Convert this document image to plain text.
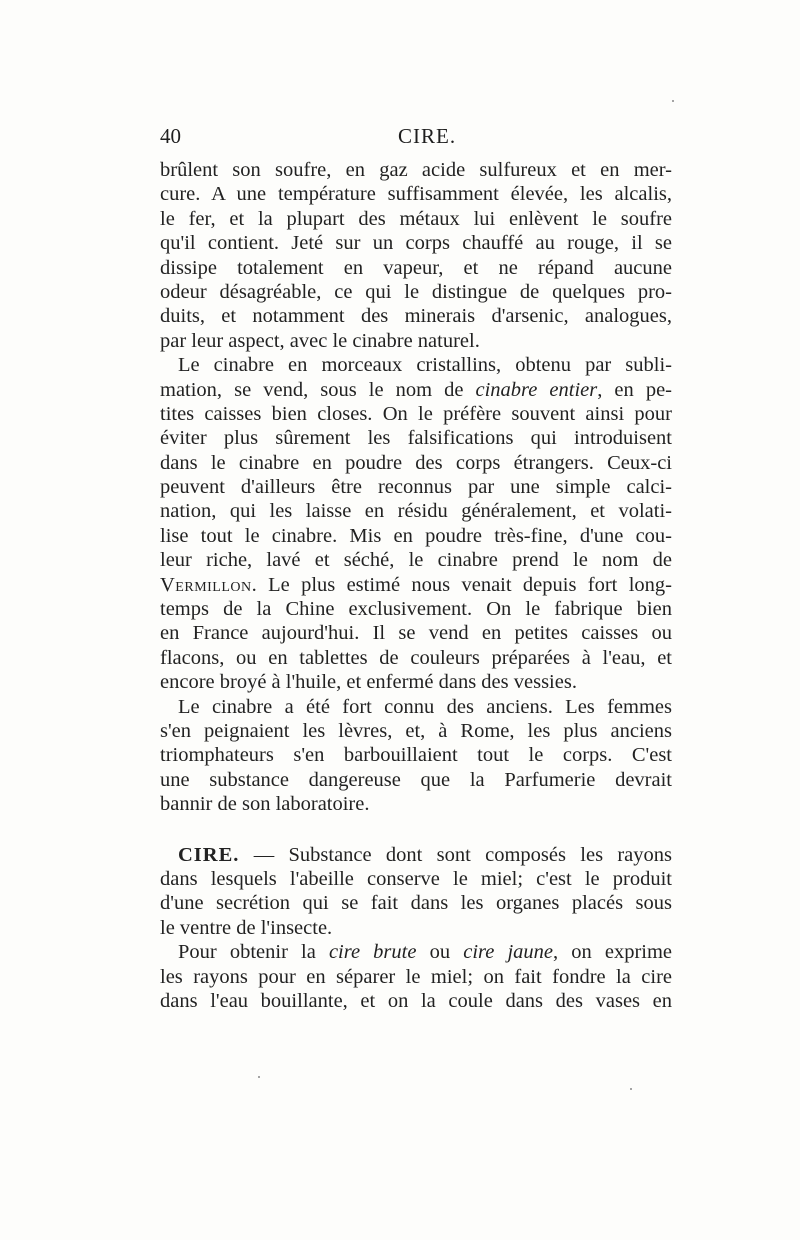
40	CIRE.
brûlent son soufre, en gaz acide sulfureux et en mer-
cure. A une température suffisamment élevée, les alcalis,
le fer, et la plupart des métaux lui enlèvent le soufre
qu'il contient. Jeté sur un corps chauffé au rouge, il se
dissipe totalement en vapeur, et ne répand aucune
odeur désagréable, ce qui le distingue de quelques pro-
duits, et notamment des minerais d'arsenic, analogues,
par leur aspect, avec le cinabre naturel.
Le cinabre en morceaux cristallins, obtenu par subli-
mation, se vend, sous le nom de cinabre entier, en pe-
tites caisses bien closes. On le préfère souvent ainsi pour
éviter plus sûrement les falsifications qui introduisent
dans le cinabre en poudre des corps étrangers. Ceux-ci
peuvent d'ailleurs être reconnus par une simple calci-
nation, qui les laisse en résidu généralement, et volati-
lise tout le cinabre. Mis en poudre très-fine, d'une cou-
leur riche, lavé et séché, le cinabre prend le nom de
Vermillon. Le plus estimé nous venait depuis fort long-
temps de la Chine exclusivement. On le fabrique bien
en France aujourd'hui. Il se vend en petites caisses ou
flacons, ou en tablettes de couleurs préparées à l'eau, et
encore broyé à l'huile, et enfermé dans des vessies.
Le cinabre a été fort connu des anciens. Les femmes
s'en peignaient les lèvres, et, à Rome, les plus anciens
triomphateurs s'en barbouillaient tout le corps. C'est
une substance dangereuse que la Parfumerie devrait
bannir de son laboratoire.
CIRE. — Substance dont sont composés les rayons
dans lesquels l'abeille conserve le miel; c'est le produit
d'une secrétion qui se fait dans les organes placés sous
le ventre de l'insecte.
Pour obtenir la cire brute ou cire jaune, on exprime
les rayons pour en séparer le miel; on fait fondre la cire
dans l'eau bouillante, et on la coule dans des vases en
